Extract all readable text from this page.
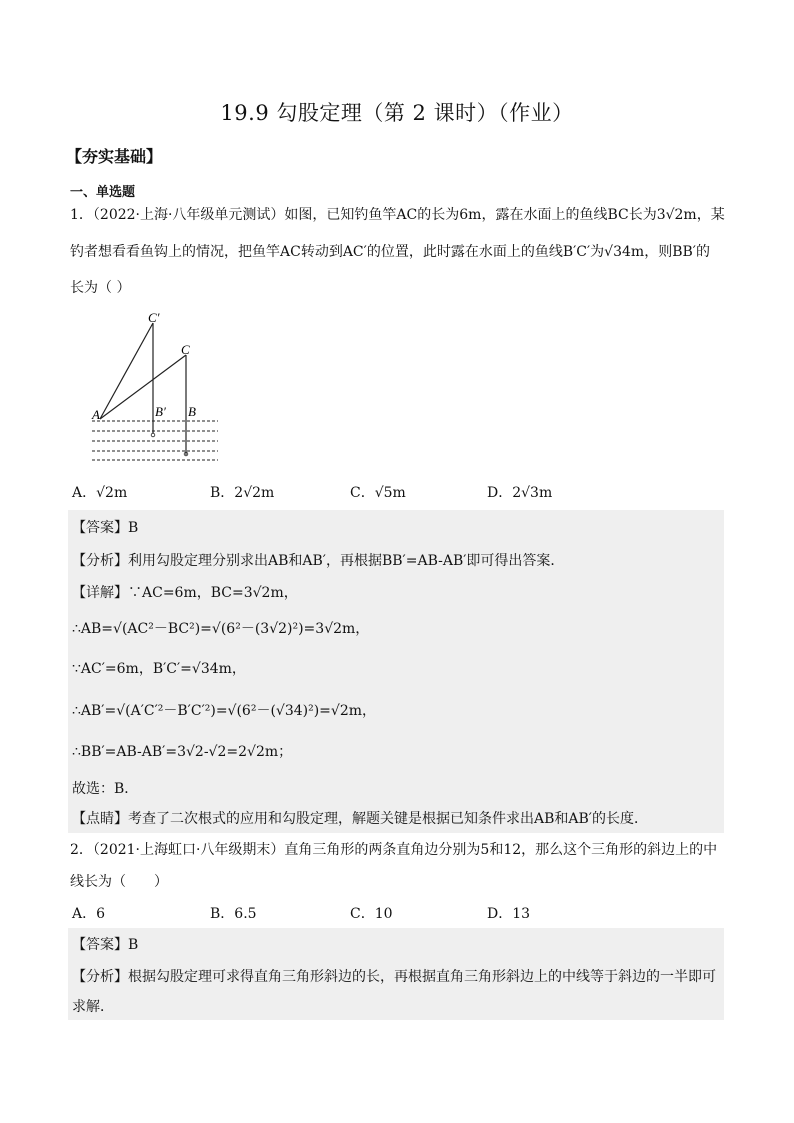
19.9 勾股定理（第 2 课时）（作业）
【夯实基础】
一、单选题
1．（2022·上海·八年级单元测试）如图，已知钓鱼竿AC的长为6m，露在水面上的鱼线BC长为3√2m，某
钓者想看看鱼钩上的情况，把鱼竿AC转动到AC′的位置，此时露在水面上的鱼线B′C′为√34m，则BB′的
长为（ ）
C′
C
A	B′ B
A．√2m	B．2√2m	C．√5m	D．2√3m
【答案】B
【分析】利用勾股定理分别求出AB和AB′，再根据BB′=AB-AB′即可得出答案．
【详解】∵AC=6m，BC=3√2m，
∴AB=√(AC²－BC²)=√(6²－(3√2)²)=3√2m，
∵AC′=6m，B′C′=√34m，
∴AB′=√(A′C′²－B′C′²)=√(6²－(√34)²)=√2m，
∴BB′=AB-AB′=3√2-√2=2√2m；
故选：B．
【点睛】考查了二次根式的应用和勾股定理，解题关键是根据已知条件求出AB和AB′的长度．
2．（2021·上海虹口·八年级期末）直角三角形的两条直角边分别为5和12，那么这个三角形的斜边上的中
线长为（　　）
A．6	B．6.5	C．10	D．13
【答案】B
【分析】根据勾股定理可求得直角三角形斜边的长，再根据直角三角形斜边上的中线等于斜边的一半即可
求解．
